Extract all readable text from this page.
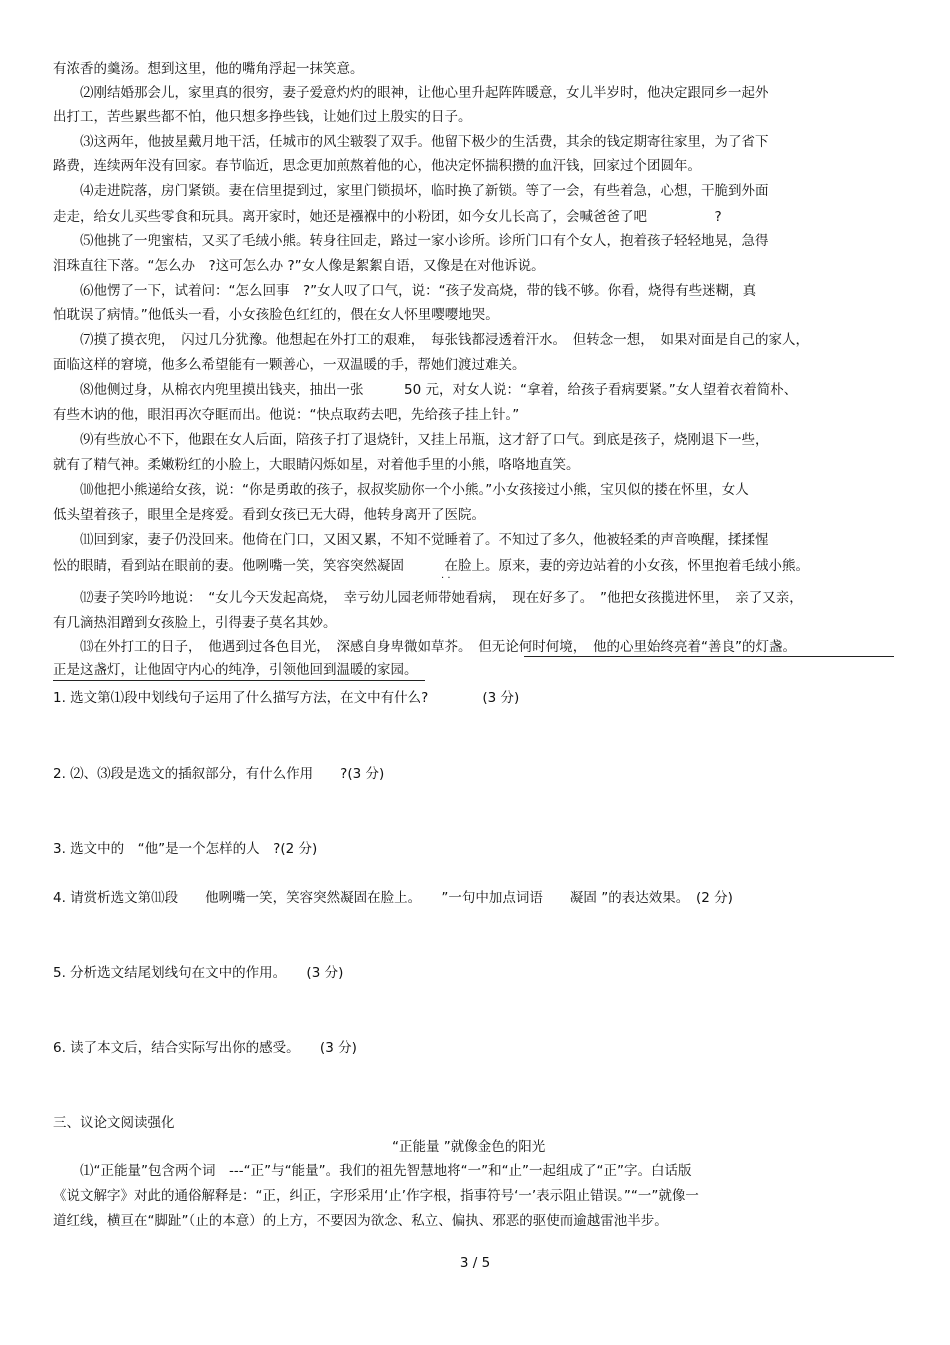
有浓香的羹汤。想到这里，他的嘴角浮起一抹笑意。
⑵刚结婚那会儿，家里真的很穷，妻子爱意灼灼的眼神，让他心里升起阵阵暖意，女儿半岁时，他决定跟同乡一起外
出打工，苦些累些都不怕，他只想多挣些钱，让她们过上殷实的日子。
⑶这两年，他披星戴月地干活，任城市的风尘皲裂了双手。他留下极少的生活费，其余的钱定期寄往家里，为了省下
路费，连续两年没有回家。春节临近，思念更加煎熬着他的心，他决定怀揣积攒的血汗钱，回家过个团圆年。
⑷走进院落，房门紧锁。妻在信里提到过，家里门锁损坏，临时换了新锁。等了一会，有些着急，心想，干脆到外面
走走，给女儿买些零食和玩具。离开家时，她还是襁褓中的小粉团，如今女儿长高了，会喊爸爸了吧　　　　　?
⑸他挑了一兜蜜桔，又买了毛绒小熊。转身往回走，路过一家小诊所。诊所门口有个女人，抱着孩子轻轻地晃，急得
泪珠直往下落。“怎么办　?这可怎么办 ?”女人像是絮絮自语，又像是在对他诉说。
⑹他愣了一下，试着问：“怎么回事　?”女人叹了口气，说：“孩子发高烧，带的钱不够。你看，烧得有些迷糊，真
怕耽误了病情。”他低头一看，小女孩脸色红红的，偎在女人怀里嘤嘤地哭。
⑺摸了摸衣兜，　闪过几分犹豫。他想起在外打工的艰难，　每张钱都浸透着汗水。　但转念一想，　如果对面是自己的家人，
面临这样的窘境，他多么希望能有一颗善心，一双温暖的手，帮她们渡过难关。
⑻他侧过身，从棉衣内兜里摸出钱夹，抽出一张　　　50 元，对女人说：“拿着，给孩子看病要紧。”女人望着衣着简朴、
有些木讷的他，眼泪再次夺眶而出。他说：“快点取药去吧，先给孩子挂上针。”
⑼有些放心不下，他跟在女人后面，陪孩子打了退烧针，又挂上吊瓶，这才舒了口气。到底是孩子，烧刚退下一些，
就有了精气神。柔嫩粉红的小脸上，大眼睛闪烁如星，对着他手里的小熊，咯咯地直笑。
⑽他把小熊递给女孩，说：“你是勇敢的孩子，叔叔奖励你一个小熊。”小女孩接过小熊，宝贝似的搂在怀里，女人
低头望着孩子，眼里全是疼爱。看到女孩已无大碍，他转身离开了医院。
⑾回到家，妻子仍没回来。他倚在门口，又困又累，不知不觉睡着了。不知过了多久，他被轻柔的声音唤醒，揉揉惺
忪的眼睛，看到站在眼前的妻。他咧嘴一笑，笑容突然凝固　　　在脸上。原来，妻的旁边站着的小女孩，怀里抱着毛绒小熊。
· ·
⑿妻子笑吟吟地说：　“女儿今天发起高烧，　幸亏幼儿园老师带她看病，　现在好多了。　”他把女孩揽进怀里，　亲了又亲，
有几滴热泪蹭到女孩脸上，引得妻子莫名其妙。
⒀在外打工的日子，　他遇到过各色目光，　深感自身卑微如草芥。　但无论何时何境，　他的心里始终亮着“善良”的灯盏。
正是这盏灯，让他固守内心的纯净，引领他回到温暖的家园。
1. 选文第⑴段中划线句子运用了什么描写方法，在文中有什么?　　　　(3 分)
2. ⑵、⑶段是选文的插叙部分，有什么作用　　?(3 分)
3. 选文中的　“他”是一个怎样的人　?(2 分)
4. 请赏析选文第⑾段　　他咧嘴一笑，笑容突然凝固在脸上。　　”一句中加点词语　　凝固 ”的表达效果。　(2 分)
5. 分析选文结尾划线句在文中的作用。　　(3 分)
6. 读了本文后，结合实际写出你的感受。　　(3 分)
三、议论文阅读强化
“正能量 ”就像金色的阳光
⑴“正能量”包含两个词　---“正”与“能量”。我们的祖先智慧地将“一”和“止”一起组成了“正”字。白话版
《说文解字》对此的通俗解释是：“正，纠正，字形采用‘止’作字根，指事符号‘一’表示阻止错误。”“一”就像一
道红线，横亘在“脚趾”（止的本意）的上方，不要因为欲念、私立、偏执、邪恶的驱使而逾越雷池半步。
3 / 5
